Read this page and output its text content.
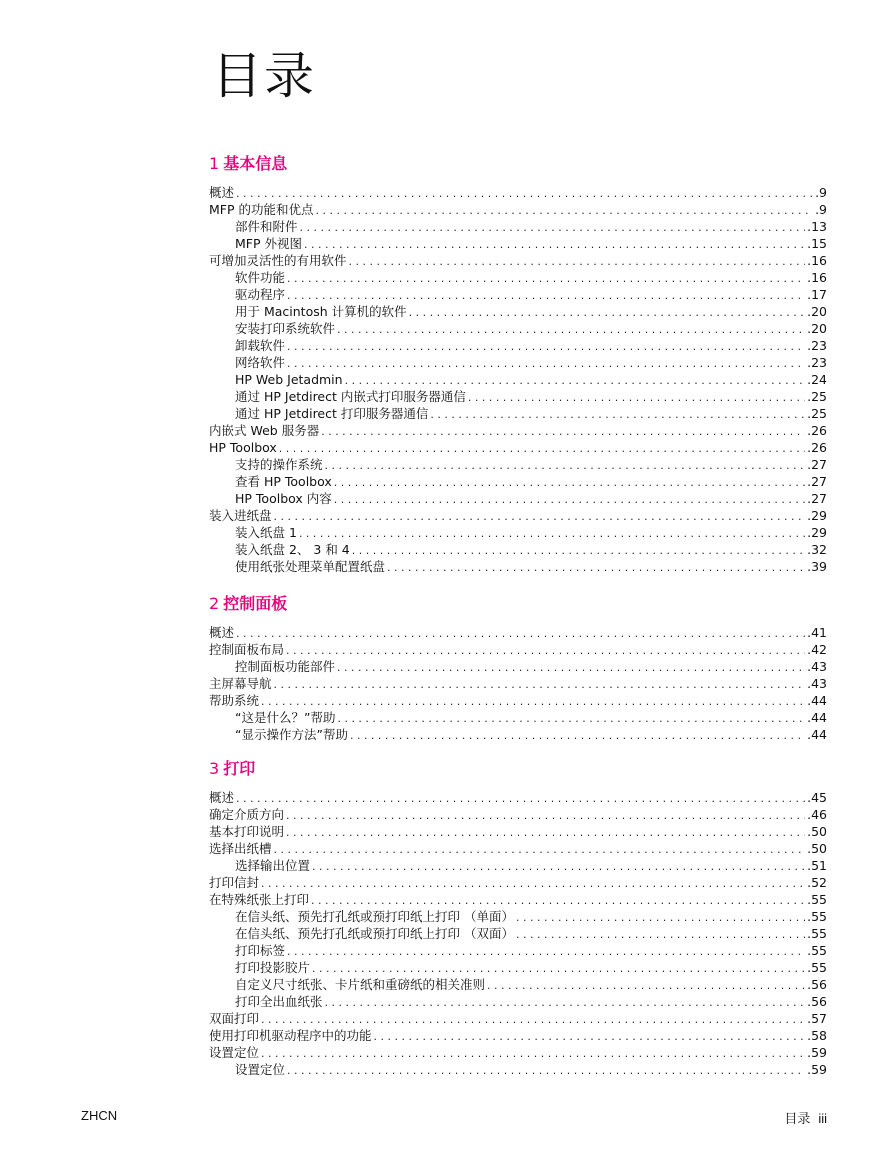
目录
1 基本信息
概述 . . .	.9
MFP 的功能和优点 . . .	.9
部件和附件 . . .	.13
MFP 外视图 . . .	.15
可增加灵活性的有用软件 . . .	.16
软件功能 . . .	.16
驱动程序 . . .	.17
用于 Macintosh 计算机的软件 . . .	.20
安装打印系统软件 . . .	.20
卸载软件 . . .	.23
网络软件 . . .	.23
HP Web Jetadmin . . .	.24
通过 HP Jetdirect 内嵌式打印服务器通信 . . .	.25
通过 HP Jetdirect 打印服务器通信 . . .	.25
内嵌式 Web 服务器 . . .	.26
HP Toolbox . . .	.26
支持的操作系统 . . .	.27
查看 HP Toolbox . . .	.27
HP Toolbox 内容 . . .	.27
装入进纸盘 . . .	.29
装入纸盘 1 . . .	.29
装入纸盘 2、 3 和 4 . . .	.32
使用纸张处理菜单配置纸盘 . . .	.39
2 控制面板
概述 . . .	.41
控制面板布局 . . .	.42
控制面板功能部件 . . .	.43
主屏幕导航 . . .	.43
帮助系统 . . .	.44
“这是什么？”帮助 . . .	.44
“显示操作方法”帮助 . . .	.44
3 打印
概述 . . .	.45
确定介质方向 . . .	.46
基本打印说明 . . .	.50
选择出纸槽 . . .	.50
选择输出位置 . . .	.51
打印信封 . . .	.52
在特殊纸张上打印 . . .	.55
在信头纸、预先打孔纸或预打印纸上打印 （单面） . . .	.55
在信头纸、预先打孔纸或预打印纸上打印 （双面） . . .	.55
打印标签 . . .	.55
打印投影胶片 . . .	.55
自定义尺寸纸张、卡片纸和重磅纸的相关准则 . . .	.56
打印全出血纸张 . . .	.56
双面打印 . . .	.57
使用打印机驱动程序中的功能 . . .	.58
设置定位 . . .	.59
设置定位 . . .	.59
ZHCN	目录 iii
